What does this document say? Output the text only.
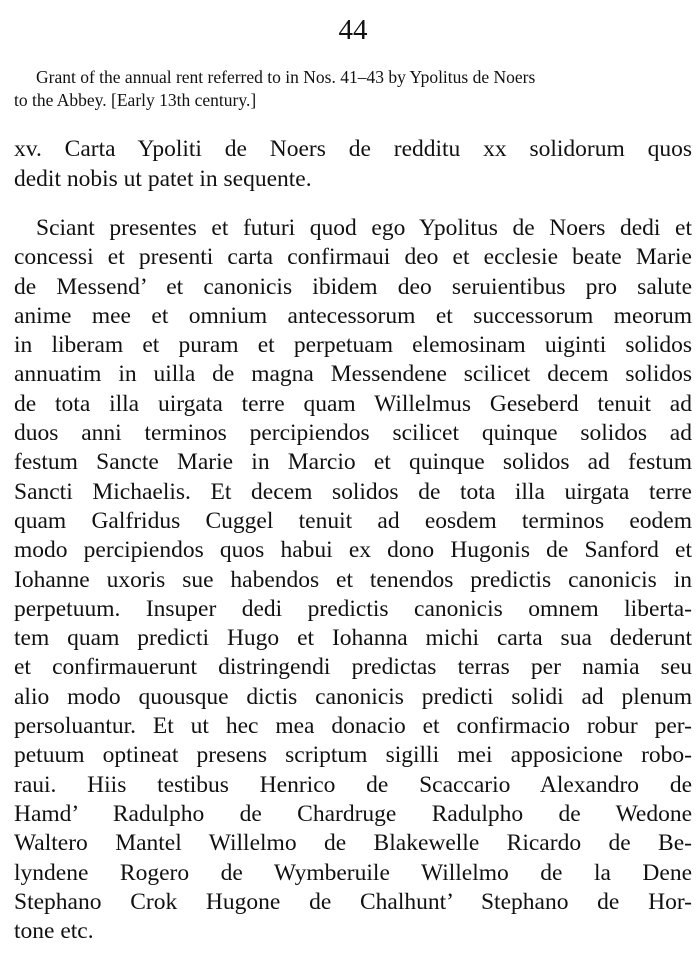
44
Grant of the annual rent referred to in Nos. 41–43 by Ypolitus de Noers
to the Abbey. [Early 13th century.]
xv. Carta Ypoliti de Noers de redditu xx solidorum quos
dedit nobis ut patet in sequente.
Sciant presentes et futuri quod ego Ypolitus de Noers dedi et
concessi et presenti carta confirmaui deo et ecclesie beate Marie
de Messend’ et canonicis ibidem deo seruientibus pro salute
anime mee et omnium antecessorum et successorum meorum
in liberam et puram et perpetuam elemosinam uiginti solidos
annuatim in uilla de magna Messendene scilicet decem solidos
de tota illa uirgata terre quam Willelmus Geseberd tenuit ad
duos anni terminos percipiendos scilicet quinque solidos ad
festum Sancte Marie in Marcio et quinque solidos ad festum
Sancti Michaelis. Et decem solidos de tota illa uirgata terre
quam Galfridus Cuggel tenuit ad eosdem terminos eodem
modo percipiendos quos habui ex dono Hugonis de Sanford et
Iohanne uxoris sue habendos et tenendos predictis canonicis in
perpetuum. Insuper dedi predictis canonicis omnem liberta-
tem quam predicti Hugo et Iohanna michi carta sua dederunt
et confirmauerunt distringendi predictas terras per namia seu
alio modo quousque dictis canonicis predicti solidi ad plenum
persoluantur. Et ut hec mea donacio et confirmacio robur per-
petuum optineat presens scriptum sigilli mei apposicione robo-
raui. Hiis testibus Henrico de Scaccario Alexandro de
Hamd’ Radulpho de Chardruge Radulpho de Wedone
Waltero Mantel Willelmo de Blakewelle Ricardo de Be-
lyndene Rogero de Wymberuile Willelmo de la Dene
Stephano Crok Hugone de Chalhunt’ Stephano de Hor-
tone etc.
